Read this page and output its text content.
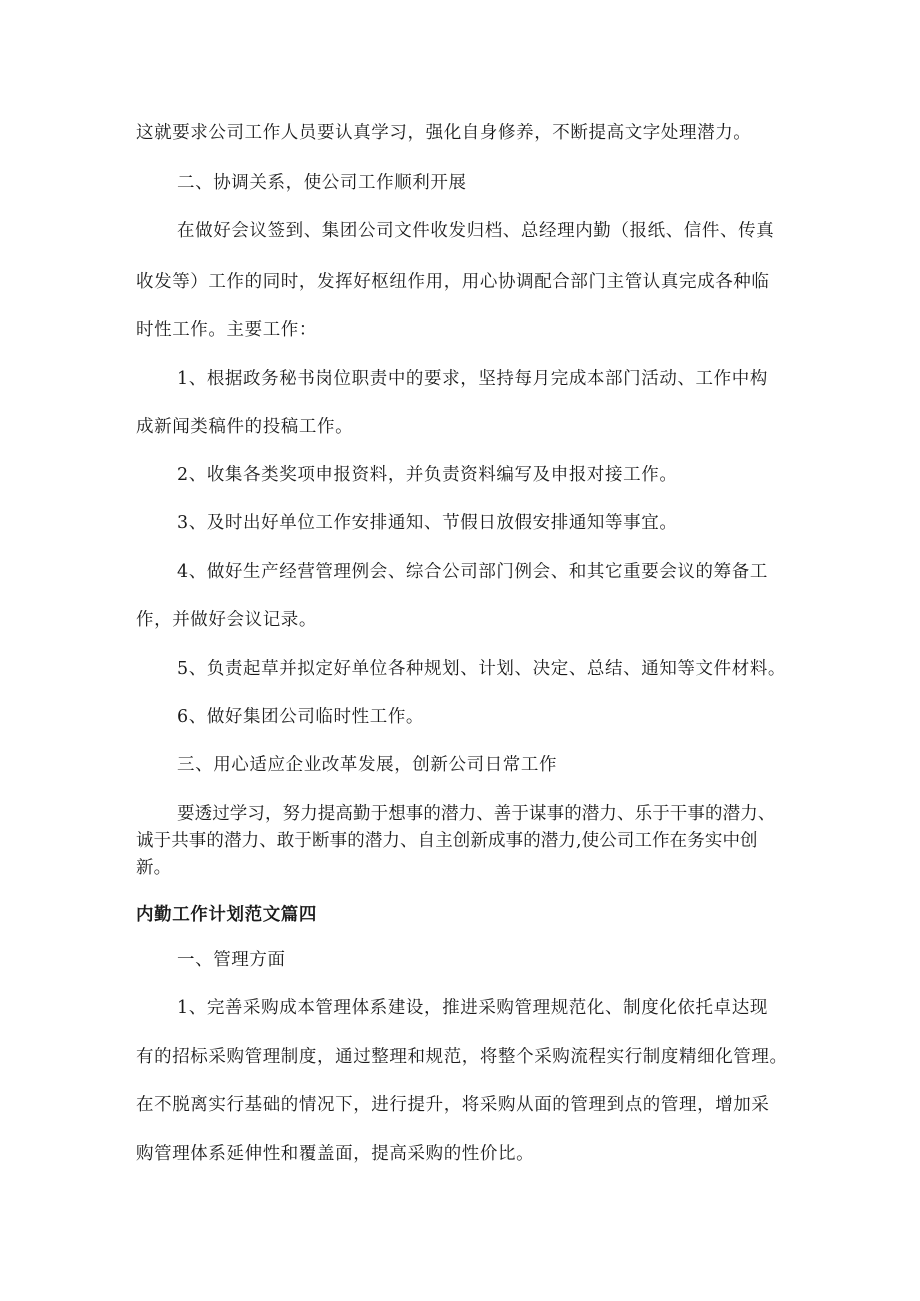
这就要求公司工作人员要认真学习，强化自身修养，不断提高文字处理潜力。
二、协调关系，使公司工作顺利开展
在做好会议签到、集团公司文件收发归档、总经理内勤（报纸、信件、传真
收发等）工作的同时，发挥好枢纽作用，用心协调配合部门主管认真完成各种临
时性工作。主要工作：
1、根据政务秘书岗位职责中的要求，坚持每月完成本部门活动、工作中构
成新闻类稿件的投稿工作。
2、收集各类奖项申报资料，并负责资料编写及申报对接工作。
3、及时出好单位工作安排通知、节假日放假安排通知等事宜。
4、做好生产经营管理例会、综合公司部门例会、和其它重要会议的筹备工
作，并做好会议记录。
5、负责起草并拟定好单位各种规划、计划、决定、总结、通知等文件材料。
6、做好集团公司临时性工作。
三、用心适应企业改革发展，创新公司日常工作
要透过学习，努力提高勤于想事的潜力、善于谋事的潜力、乐于干事的潜力、
诚于共事的潜力、敢于断事的潜力、自主创新成事的潜力,使公司工作在务实中创
新。
内勤工作计划范文篇四
一、管理方面
1、完善采购成本管理体系建设，推进采购管理规范化、制度化依托卓达现
有的招标采购管理制度，通过整理和规范，将整个采购流程实行制度精细化管理。
在不脱离实行基础的情况下，进行提升，将采购从面的管理到点的管理，增加采
购管理体系延伸性和覆盖面，提高采购的性价比。
